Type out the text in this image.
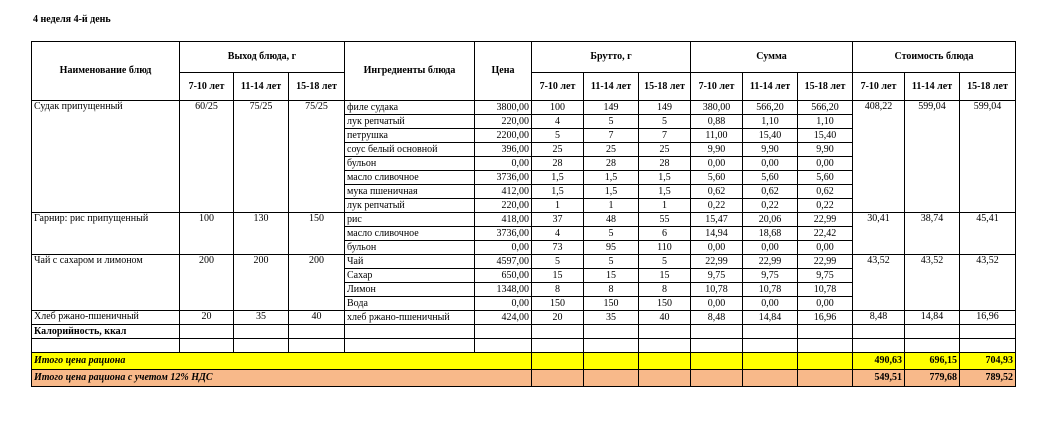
4 неделя 4-й день
Наименование блюд	Выход блюда, г			Ингредиенты блюда	Цена	Брутто, г			Сумма			Стоимость блюда		
	7-10 лет	11-14 лет	15-18 лет			7-10 лет	11-14 лет	15-18 лет	7-10 лет	11-14 лет	15-18 лет	7-10 лет	11-14 лет	15-18 лет
Судак припущенный	60/25	75/25	75/25	филе судака	3800,00	100	149	149	380,00	566,20	566,20	408,22	599,04	599,04
				лук репчатый	220,00	4	5	5	0,88	1,10	1,10			
				петрушка	2200,00	5	7	7	11,00	15,40	15,40			
				соус белый основной	396,00	25	25	25	9,90	9,90	9,90			
				бульон	0,00	28	28	28	0,00	0,00	0,00			
				масло сливочное	3736,00	1,5	1,5	1,5	5,60	5,60	5,60			
				мука пшеничная	412,00	1,5	1,5	1,5	0,62	0,62	0,62			
				лук репчатый	220,00	1	1	1	0,22	0,22	0,22			
Гарнир: рис припущенный	100	130	150	рис	418,00	37	48	55	15,47	20,06	22,99	30,41	38,74	45,41
				масло сливочное	3736,00	4	5	6	14,94	18,68	22,42			
				бульон	0,00	73	95	110	0,00	0,00	0,00			
Чай с сахаром и лимоном	200	200	200	Чай	4597,00	5	5	5	22,99	22,99	22,99	43,52	43,52	43,52
				Сахар	650,00	15	15	15	9,75	9,75	9,75			
				Лимон	1348,00	8	8	8	10,78	10,78	10,78			
				Вода	0,00	150	150	150	0,00	0,00	0,00			
Хлеб ржано-пшеничный	20	35	40	хлеб ржано-пшеничный	424,00	20	35	40	8,48	14,84	16,96	8,48	14,84	16,96
Калорийность, ккал														

Итого цена рациона												490,63	696,15	704,93
Итого цена рациона с учетом 12% НДС												549,51	779,68	789,52
